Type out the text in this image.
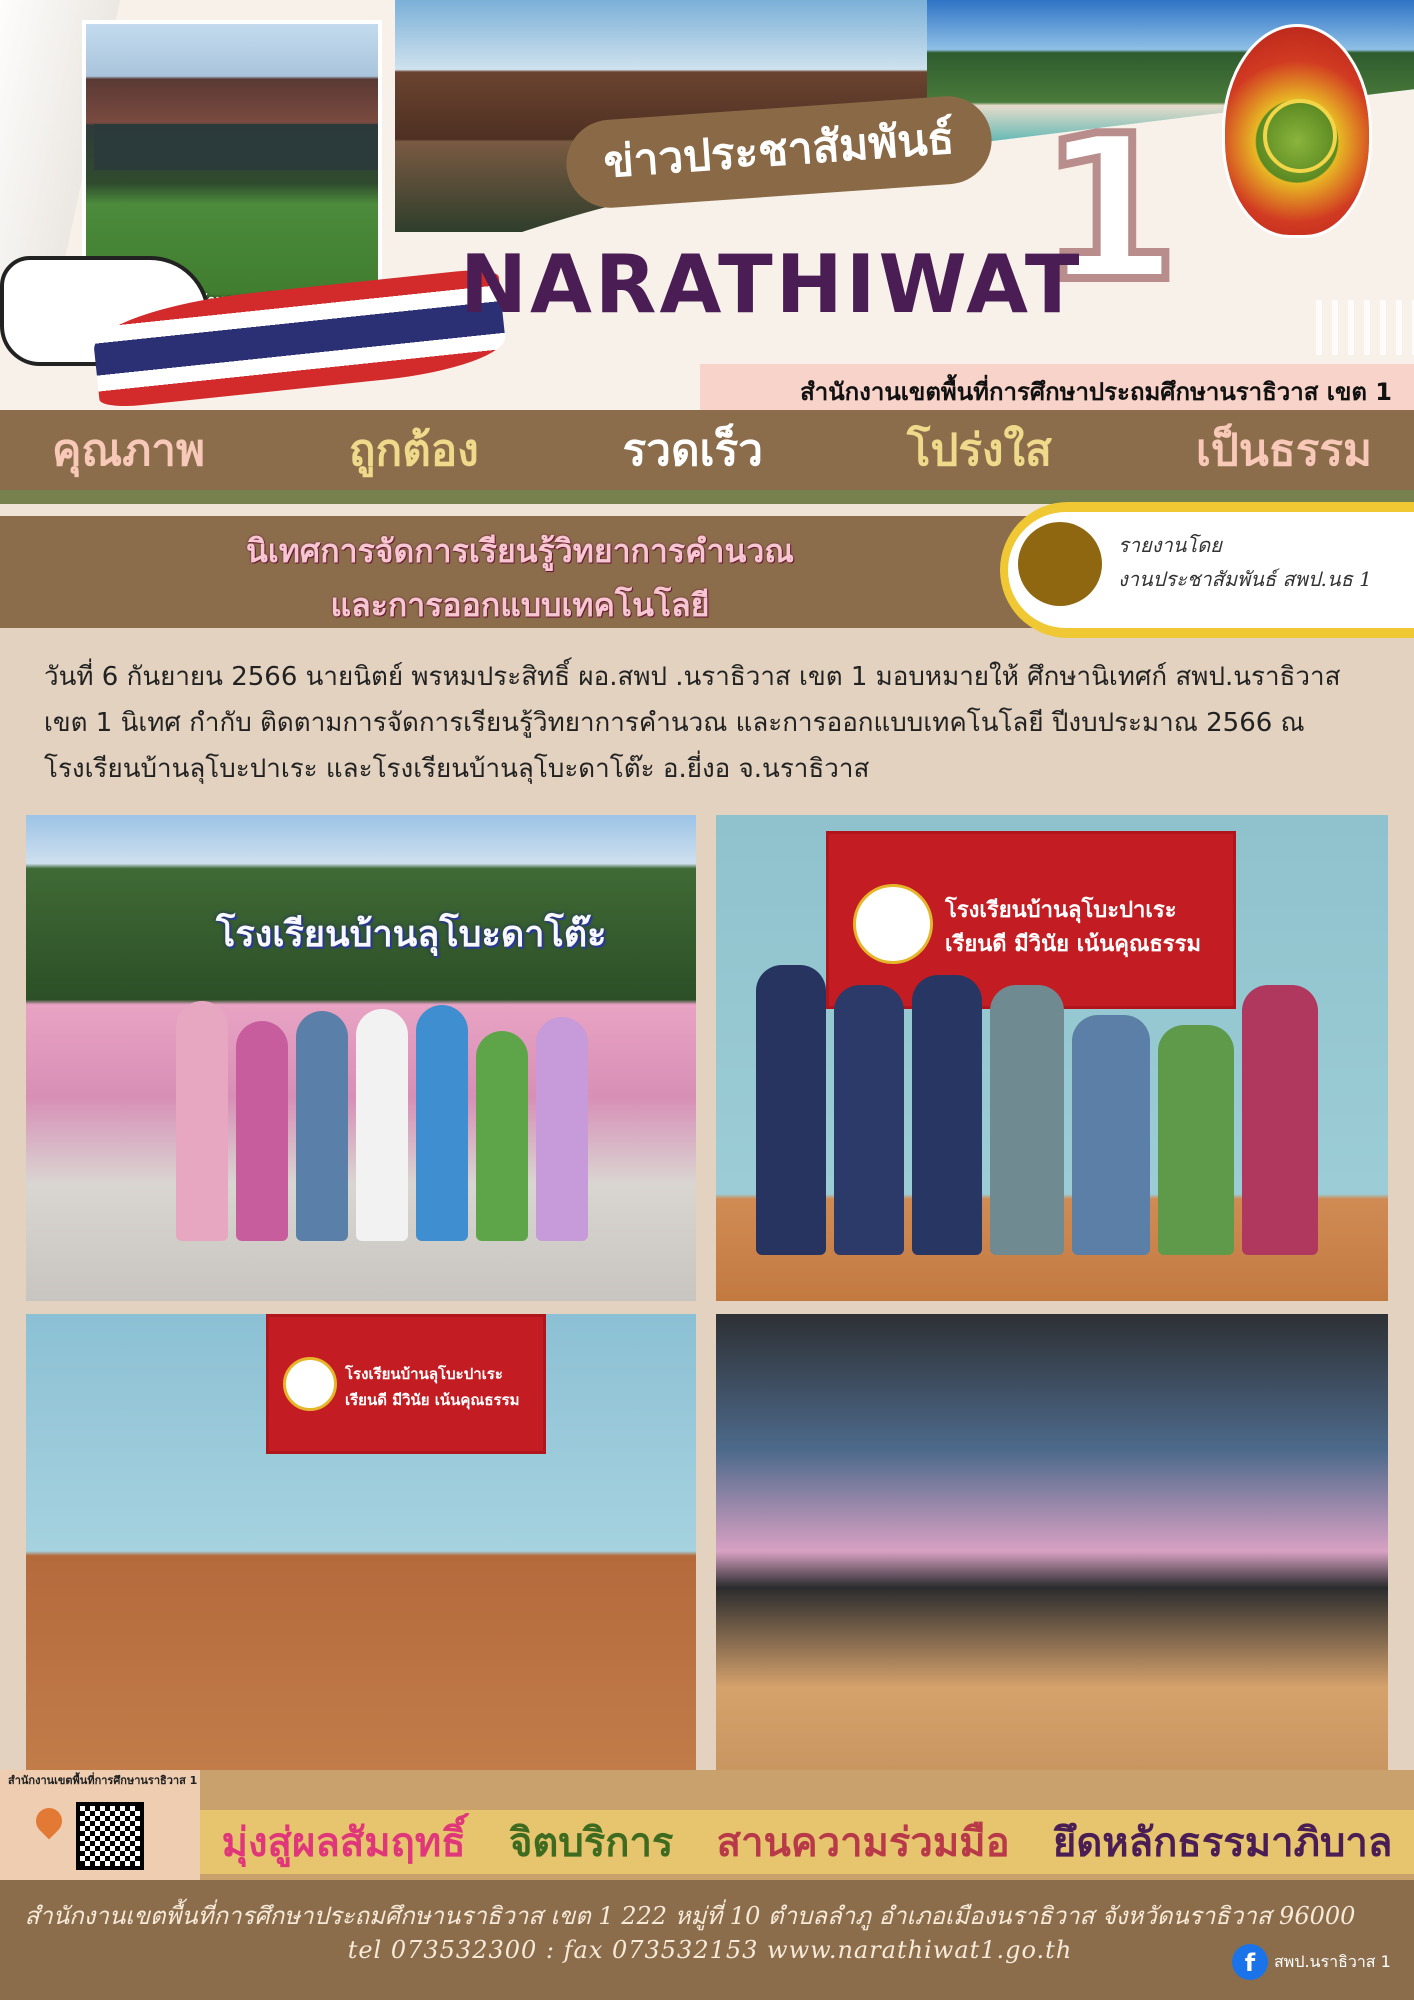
ข่าวประชาสัมพันธ์ 1
NARATHIWAT
สำนักงานเขตพื้นที่การศึกษาประถมศึกษานราธิวาส เขต 1
คุณภาพ	ถูกต้อง	รวดเร็ว	โปร่งใส	เป็นธรรม
นิเทศการจัดการเรียนรู้วิทยาการคำนวณ
และการออกแบบเทคโนโลยี
รายงานโดย
งานประชาสัมพันธ์ สพป.นธ 1
วันที่ 6 กันยายน 2566 นายนิตย์ พรหมประสิทธิ์ ผอ.สพป .นราธิวาส เขต 1 มอบหมายให้ ศึกษานิเทศก์ สพป.นราธิวาส เขต 1 นิเทศ กำกับ ติดตามการจัดการเรียนรู้วิทยาการคำนวณ และการออกแบบเทคโนโลยี ปีงบประมาณ 2566 ณ โรงเรียนบ้านลุโบะปาเระ และโรงเรียนบ้านลุโบะดาโต๊ะ อ.ยี่งอ จ.นราธิวาส
โรงเรียนบ้านลุโบะดาโต๊ะ
โรงเรียนบ้านลุโบะปาเระ
เรียนดี มีวินัย เน้นคุณธรรม
โรงเรียนบ้านลุโบะปาเระ
เรียนดี มีวินัย เน้นคุณธรรม
สำนักงานเขตพื้นที่การศึกษานราธิวาส 1
มุ่งสู่ผลสัมฤทธิ์ จิตบริการ สานความร่วมมือ ยึดหลักธรรมาภิบาล
สำนักงานเขตพื้นที่การศึกษาประถมศึกษานราธิวาส เขต 1 222 หมู่ที่ 10 ตำบลลำภู อำเภอเมืองนราธิวาส จังหวัดนราธิวาส 96000
tel 073532300 : fax 073532153 www.narathiwat1.go.th	f	สพป.นราธิวาส 1
